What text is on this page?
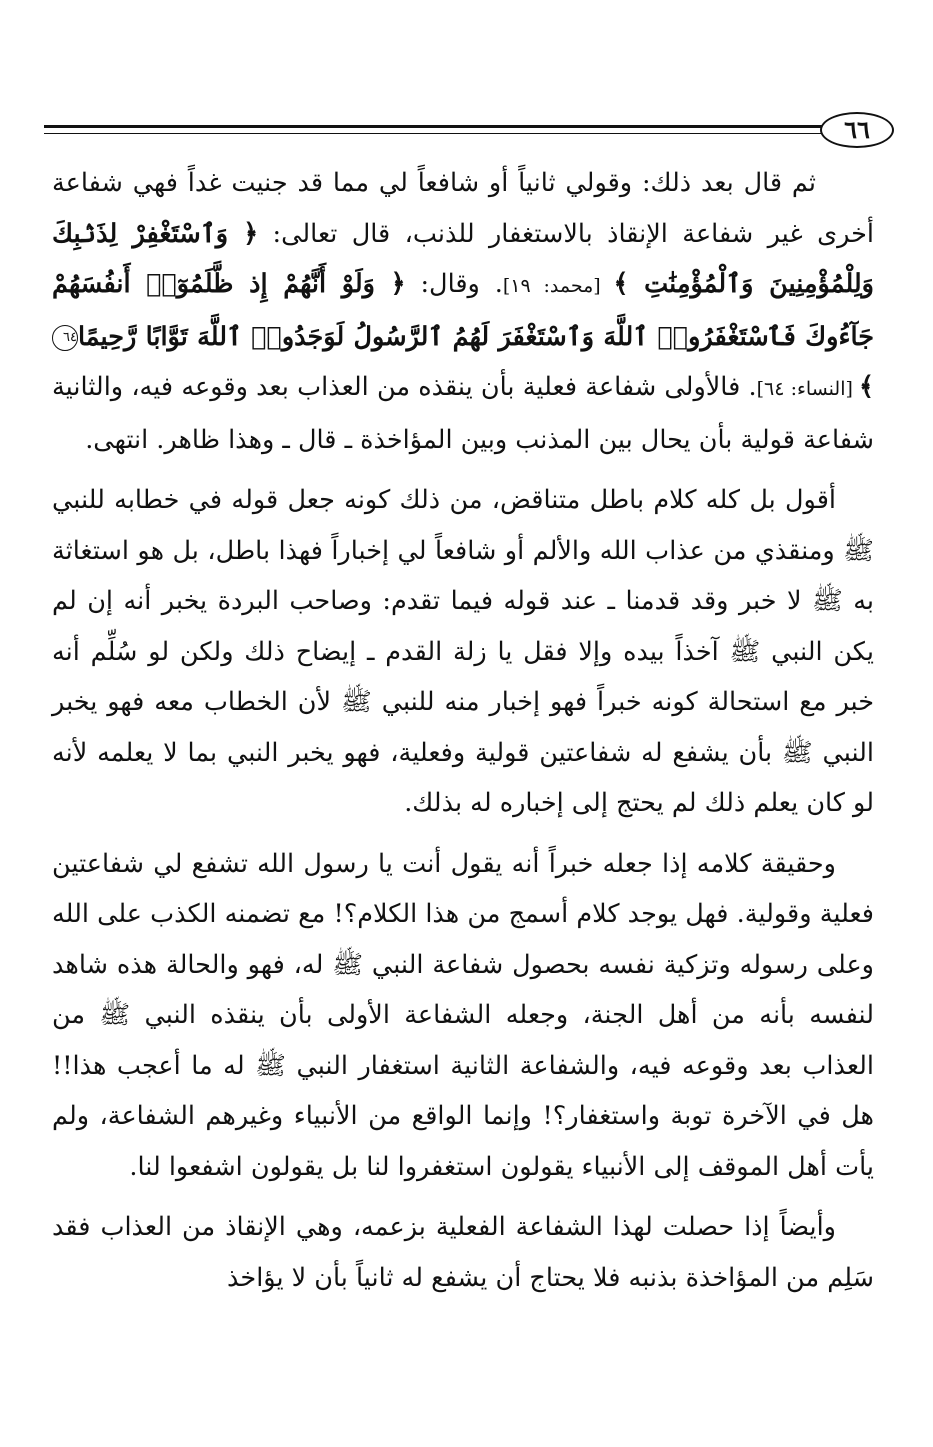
٦٦

ثم قال بعد ذلك: وقولي ثانياً أو شافعاً لي مما قد جنيت غداً فهي شفاعة أخرى غير شفاعة الإنقاذ بالاستغفار للذنب، قال تعالى: ﴿ وَٱسْتَغْفِرْ لِذَنۢبِكَ وَلِلْمُؤْمِنِينَ وَٱلْمُؤْمِنَٰتِ ﴾ [محمد: ١٩]. وقال: ﴿ وَلَوْ أَنَّهُمْ إِذ ظَّلَمُوٓا۟ أَنفُسَهُمْ جَآءُوكَ فَٱسْتَغْفَرُوا۟ ٱللَّهَ وَٱسْتَغْفَرَ لَهُمُ ٱلرَّسُولُ لَوَجَدُوا۟ ٱللَّهَ تَوَّابًا رَّحِيمًا٦٤ ﴾ [النساء: ٦٤]. فالأولى شفاعة فعلية بأن ينقذه من العذاب بعد وقوعه فيه، والثانية شفاعة قولية بأن يحال بين المذنب وبين المؤاخذة ـ قال ـ وهذا ظاهر. انتهى.

أقول بل كله كلام باطل متناقض، من ذلك كونه جعل قوله في خطابه للنبي ﷺ ومنقذي من عذاب الله والألم أو شافعاً لي إخباراً فهذا باطل، بل هو استغاثة به ﷺ لا خبر وقد قدمنا ـ عند قوله فيما تقدم: وصاحب البردة يخبر أنه إن لم يكن النبي ﷺ آخذاً بيده وإلا فقل يا زلة القدم ـ إيضاح ذلك ولكن لو سُلِّم أنه خبر مع استحالة كونه خبراً فهو إخبار منه للنبي ﷺ لأن الخطاب معه فهو يخبر النبي ﷺ بأن يشفع له شفاعتين قولية وفعلية، فهو يخبر النبي بما لا يعلمه لأنه لو كان يعلم ذلك لم يحتج إلى إخباره له بذلك.

وحقيقة كلامه إذا جعله خبراً أنه يقول أنت يا رسول الله تشفع لي شفاعتين فعلية وقولية. فهل يوجد كلام أسمج من هذا الكلام؟! مع تضمنه الكذب على الله وعلى رسوله وتزكية نفسه بحصول شفاعة النبي ﷺ له، فهو والحالة هذه شاهد لنفسه بأنه من أهل الجنة، وجعله الشفاعة الأولى بأن ينقذه النبي ﷺ من العذاب بعد وقوعه فيه، والشفاعة الثانية استغفار النبي ﷺ له ما أعجب هذا!! هل في الآخرة توبة واستغفار؟! وإنما الواقع من الأنبياء وغيرهم الشفاعة، ولم يأت أهل الموقف إلى الأنبياء يقولون استغفروا لنا بل يقولون اشفعوا لنا.

وأيضاً إذا حصلت لهذا الشفاعة الفعلية بزعمه، وهي الإنقاذ من العذاب فقد سَلِم من المؤاخذة بذنبه فلا يحتاج أن يشفع له ثانياً بأن لا يؤاخذ
